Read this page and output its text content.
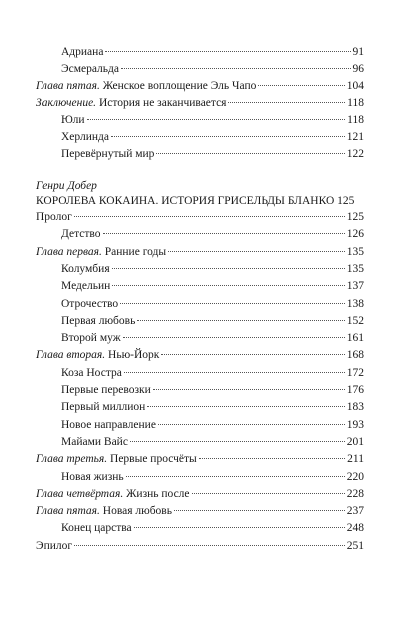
Адриана	91
Эсмеральда	96
Глава пятая. Женское воплощение Эль Чапо	104
Заключение. История не заканчивается	118
Юли	118
Херлинда	121
Перевёрнутый мир	122
Генри Добер
КОРОЛЕВА КОКАИНА. ИСТОРИЯ ГРИСЕЛЬДЫ БЛАНКО 125
Пролог	125
Детство	126
Глава первая. Ранние годы	135
Колумбия	135
Медельин	137
Отрочество	138
Первая любовь	152
Второй муж	161
Глава вторая. Нью-Йорк	168
Коза Ностра	172
Первые перевозки	176
Первый миллион	183
Новое направление	193
Майами Вайс	201
Глава третья. Первые просчёты	211
Новая жизнь	220
Глава четвёртая. Жизнь после	228
Глава пятая. Новая любовь	237
Конец царства	248
Эпилог	251
